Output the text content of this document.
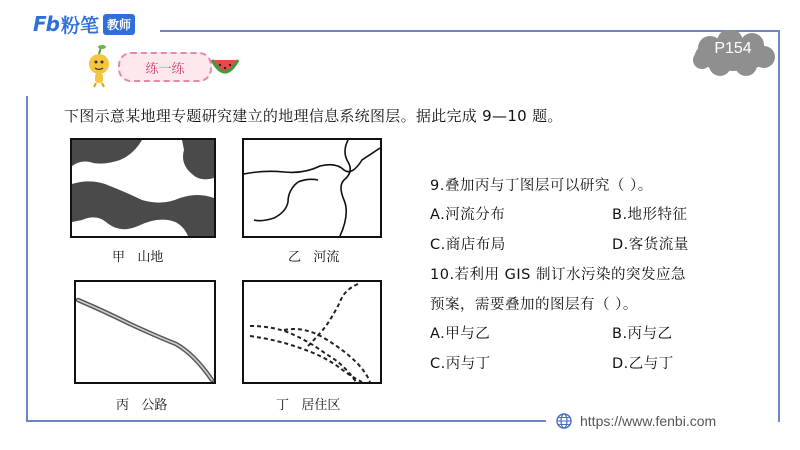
Fb 粉笔 教师
练一练
P154
下图示意某地理专题研究建立的地理信息系统图层。据此完成 9—10 题。
甲   山地	乙   河流
丙   公路	丁   居住区
9.叠加丙与丁图层可以研究（ ）。
A.河流分布	B.地形特征
C.商店布局	D.客货流量
10.若利用 GIS 制订水污染的突发应急
预案，需要叠加的图层有（ ）。
A.甲与乙	B.丙与乙
C.丙与丁	D.乙与丁
https://www.fenbi.com
